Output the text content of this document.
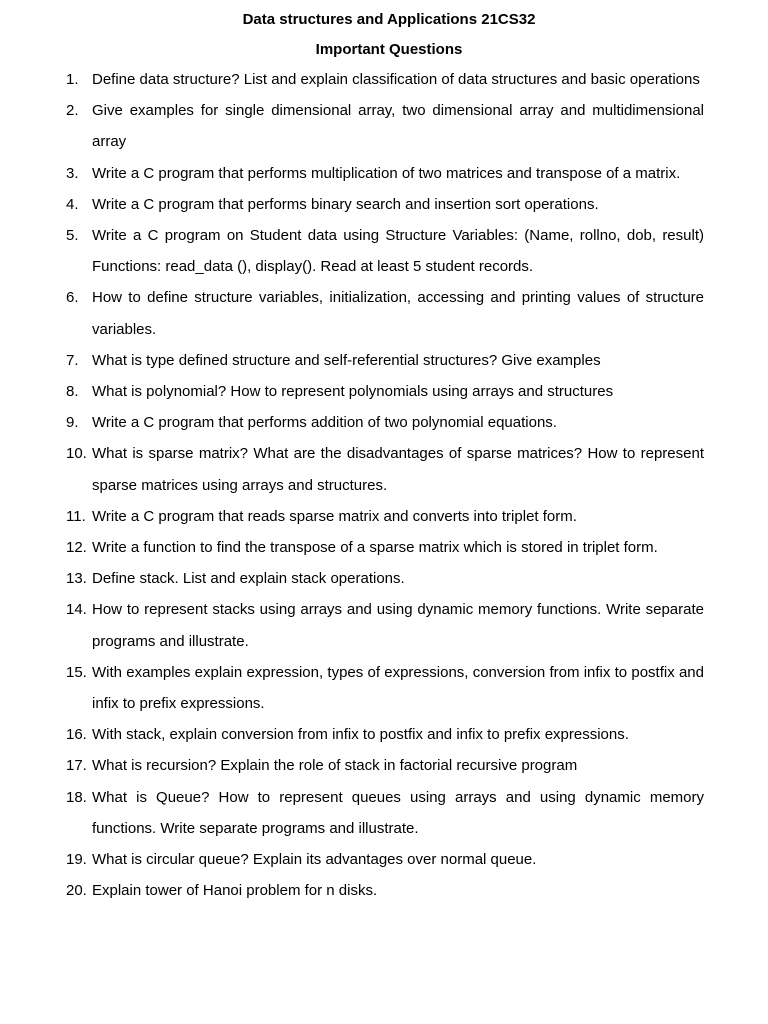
Data structures and Applications 21CS32
Important Questions
1. Define data structure? List and explain classification of data structures and basic operations
2. Give examples for single dimensional array, two dimensional array and multidimensional array
3. Write a C program that performs multiplication of two matrices and transpose of a matrix.
4. Write a C program that performs binary search and insertion sort operations.
5. Write a C program on Student data using Structure Variables: (Name, rollno, dob, result) Functions: read_data (), display(). Read at least 5 student records.
6. How to define structure variables, initialization, accessing and printing values of structure variables.
7. What is type defined structure and self-referential structures? Give examples
8. What is polynomial? How to represent polynomials using arrays and structures
9. Write a C program that performs addition of two polynomial equations.
10. What is sparse matrix? What are the disadvantages of sparse matrices? How to represent sparse matrices using arrays and structures.
11. Write a C program that reads sparse matrix and converts into triplet form.
12. Write a function to find the transpose of a sparse matrix which is stored in triplet form.
13. Define stack. List and explain stack operations.
14. How to represent stacks using arrays and using dynamic memory functions. Write separate programs and illustrate.
15. With examples explain expression, types of expressions, conversion from infix to postfix and infix to prefix expressions.
16. With stack, explain conversion from infix to postfix and infix to prefix expressions.
17. What is recursion? Explain the role of stack in factorial recursive program
18. What is Queue? How to represent queues using arrays and using dynamic memory functions. Write separate programs and illustrate.
19. What is circular queue? Explain its advantages over normal queue.
20. Explain tower of Hanoi problem for n disks.
